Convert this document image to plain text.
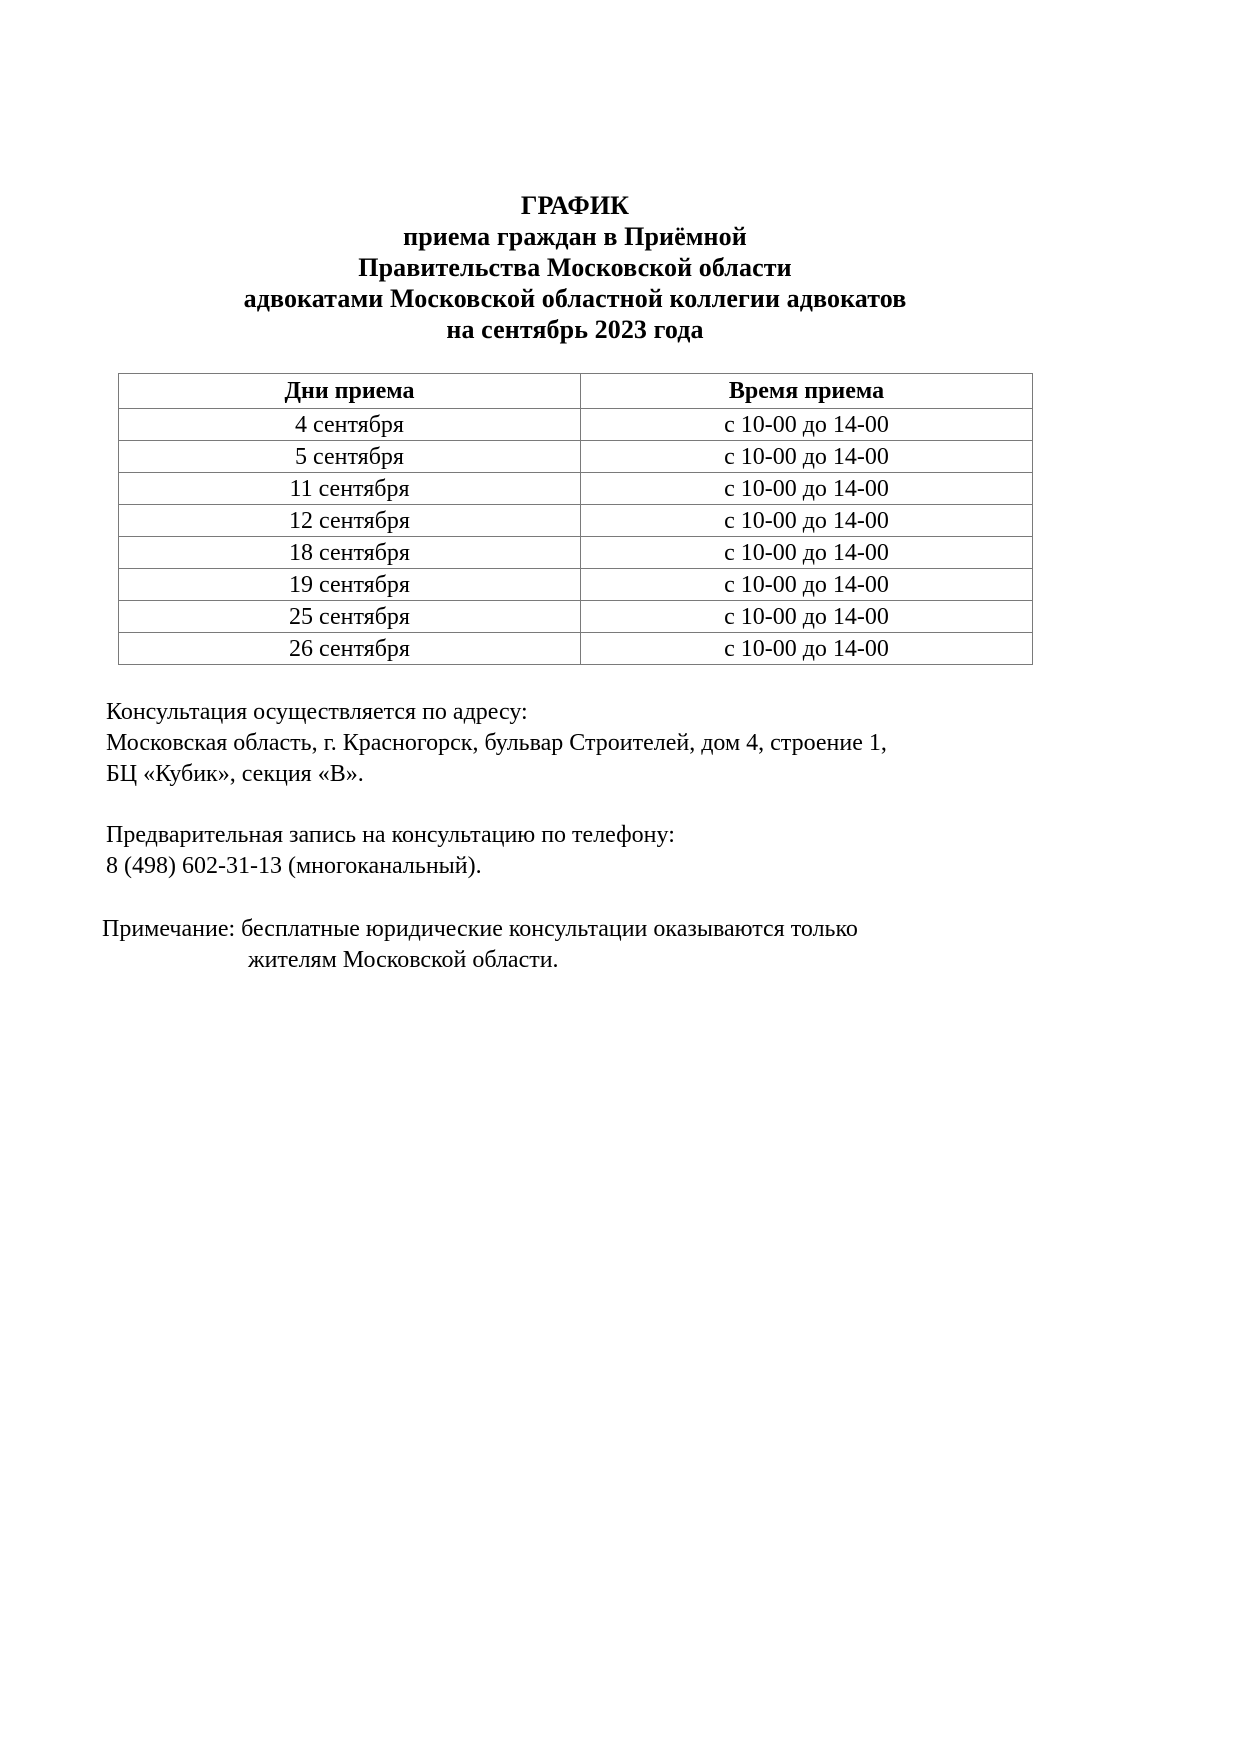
ГРАФИК
приема граждан в Приёмной
Правительства Московской области
адвокатами Московской областной коллегии адвокатов
на сентябрь 2023 года
Дни приема	Время приема
4 сентября	с 10-00 до 14-00
5 сентября	с 10-00 до 14-00
11 сентября	с 10-00 до 14-00
12 сентября	с 10-00 до 14-00
18 сентября	с 10-00 до 14-00
19 сентября	с 10-00 до 14-00
25 сентября	с 10-00 до 14-00
26 сентября	с 10-00 до 14-00

Консультация осуществляется по адресу:
Московская область, г. Красногорск, бульвар Строителей, дом 4, строение 1,
БЦ «Кубик», секция «В».

Предварительная запись на консультацию по телефону:
8 (498) 602-31-13 (многоканальный).

Примечание: бесплатные юридические консультации оказываются только
жителям Московской области.
